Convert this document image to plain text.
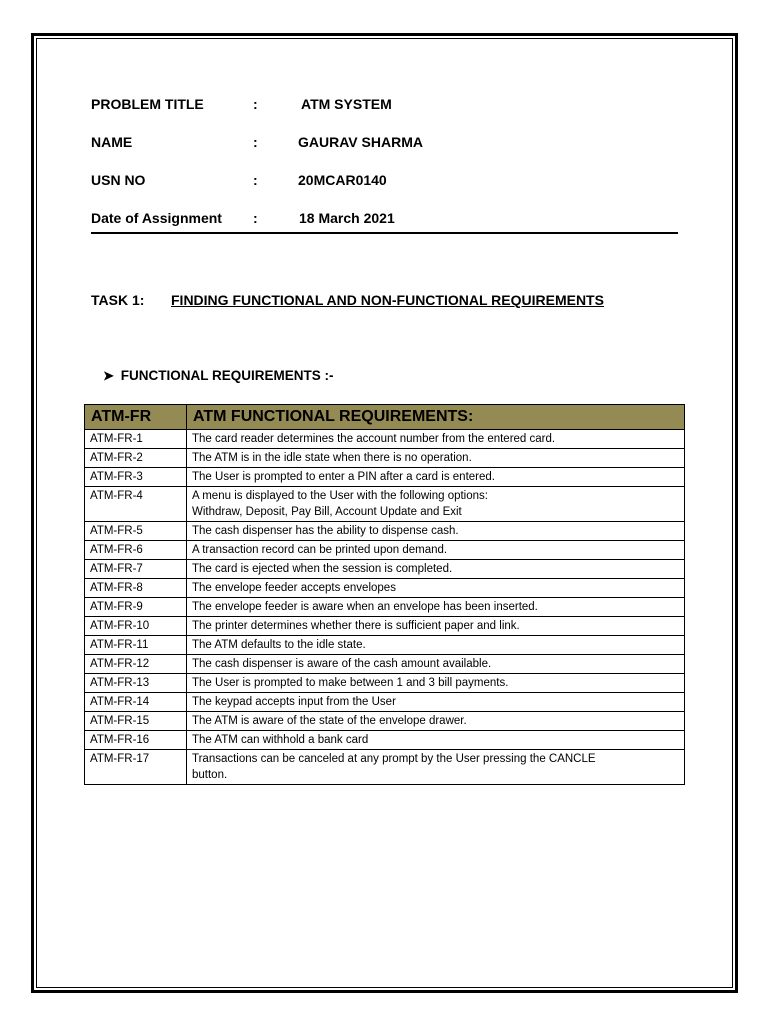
PROBLEM TITLE	:	ATM SYSTEM
NAME	:	GAURAV SHARMA
USN NO	:	20MCAR0140
Date of Assignment :	18 March 2021
TASK 1: FINDING FUNCTIONAL AND NON-FUNCTIONAL REQUIREMENTS
➤ FUNCTIONAL REQUIREMENTS :-
ATM-FR	ATM FUNCTIONAL REQUIREMENTS:
ATM-FR-1	The card reader determines the account number from the entered card.
ATM-FR-2	The ATM is in the idle state when there is no operation.
ATM-FR-3	The User is prompted to enter a PIN after a card is entered.
ATM-FR-4	A menu is displayed to the User with the following options:
Withdraw, Deposit, Pay Bill, Account Update and Exit

ATM-FR-5	The cash dispenser has the ability to dispense cash.
ATM-FR-6	A transaction record can be printed upon demand.
ATM-FR-7	The card is ejected when the session is completed.
ATM-FR-8	The envelope feeder accepts envelopes
ATM-FR-9	The envelope feeder is aware when an envelope has been inserted.
ATM-FR-10	The printer determines whether there is sufficient paper and link.
ATM-FR-11	The ATM defaults to the idle state.
ATM-FR-12	The cash dispenser is aware of the cash amount available.
ATM-FR-13	The User is prompted to make between 1 and 3 bill payments.
ATM-FR-14	The keypad accepts input from the User
ATM-FR-15	The ATM is aware of the state of the envelope drawer.
ATM-FR-16	The ATM can withhold a bank card
ATM-FR-17	Transactions can be canceled at any prompt by the User pressing the CANCLE
button.
